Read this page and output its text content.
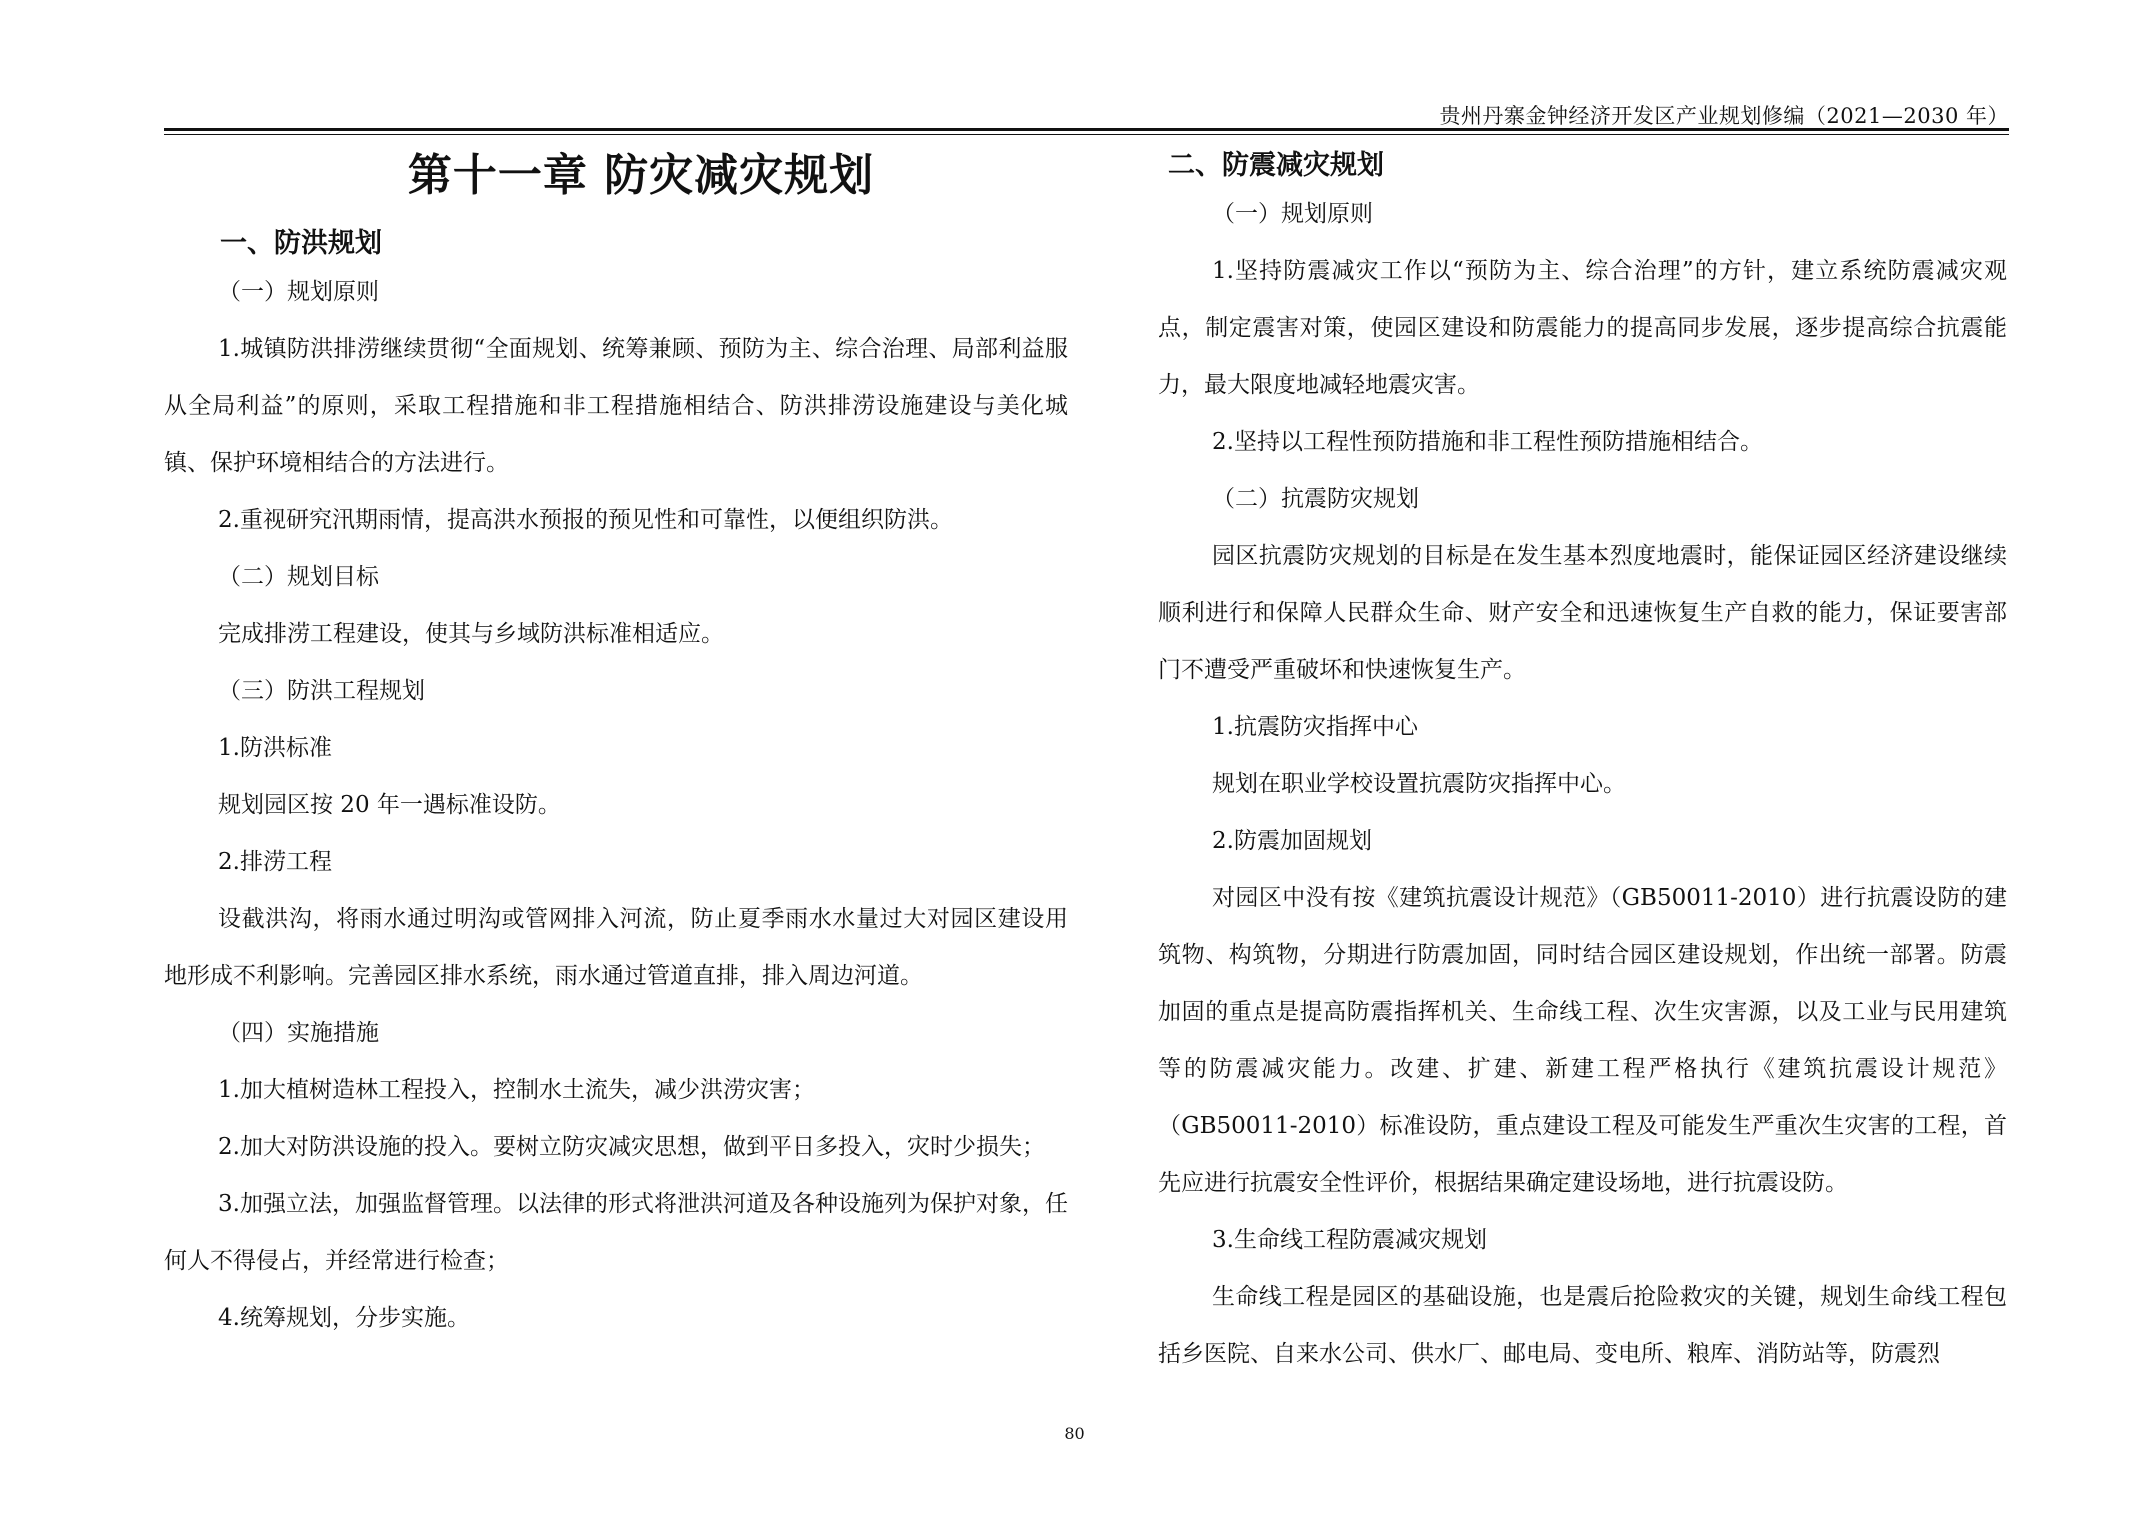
贵州丹寨金钟经济开发区产业规划修编（2021—2030 年）
第十一章 防灾减灾规划
一、防洪规划
（一）规划原则
1.城镇防洪排涝继续贯彻“全面规划、统筹兼顾、预防为主、综合治理、局部利益服从全局利益”的原则，采取工程措施和非工程措施相结合、防洪排涝设施建设与美化城镇、保护环境相结合的方法进行。
2.重视研究汛期雨情，提高洪水预报的预见性和可靠性，以便组织防洪。
（二）规划目标
完成排涝工程建设，使其与乡域防洪标准相适应。
（三）防洪工程规划
1.防洪标准
规划园区按 20 年一遇标准设防。
2.排涝工程
设截洪沟，将雨水通过明沟或管网排入河流，防止夏季雨水水量过大对园区建设用地形成不利影响。完善园区排水系统，雨水通过管道直排，排入周边河道。
（四）实施措施
1.加大植树造林工程投入，控制水土流失，减少洪涝灾害；
2.加大对防洪设施的投入。要树立防灾减灾思想，做到平日多投入，灾时少损失；
3.加强立法，加强监督管理。以法律的形式将泄洪河道及各种设施列为保护对象，任何人不得侵占，并经常进行检查；
4.统筹规划，分步实施。
二、防震减灾规划
（一）规划原则
1.坚持防震减灾工作以“预防为主、综合治理”的方针，建立系统防震减灾观点，制定震害对策，使园区建设和防震能力的提高同步发展，逐步提高综合抗震能力，最大限度地减轻地震灾害。
2.坚持以工程性预防措施和非工程性预防措施相结合。
（二）抗震防灾规划
园区抗震防灾规划的目标是在发生基本烈度地震时，能保证园区经济建设继续顺利进行和保障人民群众生命、财产安全和迅速恢复生产自救的能力，保证要害部门不遭受严重破坏和快速恢复生产。
1.抗震防灾指挥中心
规划在职业学校设置抗震防灾指挥中心。
2.防震加固规划
对园区中没有按《建筑抗震设计规范》（GB50011-2010）进行抗震设防的建筑物、构筑物，分期进行防震加固，同时结合园区建设规划，作出统一部署。防震加固的重点是提高防震指挥机关、生命线工程、次生灾害源，以及工业与民用建筑等的防震减灾能力。改建、扩建、新建工程严格执行《建筑抗震设计规范》（GB50011-2010）标准设防，重点建设工程及可能发生严重次生灾害的工程，首先应进行抗震安全性评价，根据结果确定建设场地，进行抗震设防。
3.生命线工程防震减灾规划
生命线工程是园区的基础设施，也是震后抢险救灾的关键，规划生命线工程包括乡医院、自来水公司、供水厂、邮电局、变电所、粮库、消防站等，防震烈
80
